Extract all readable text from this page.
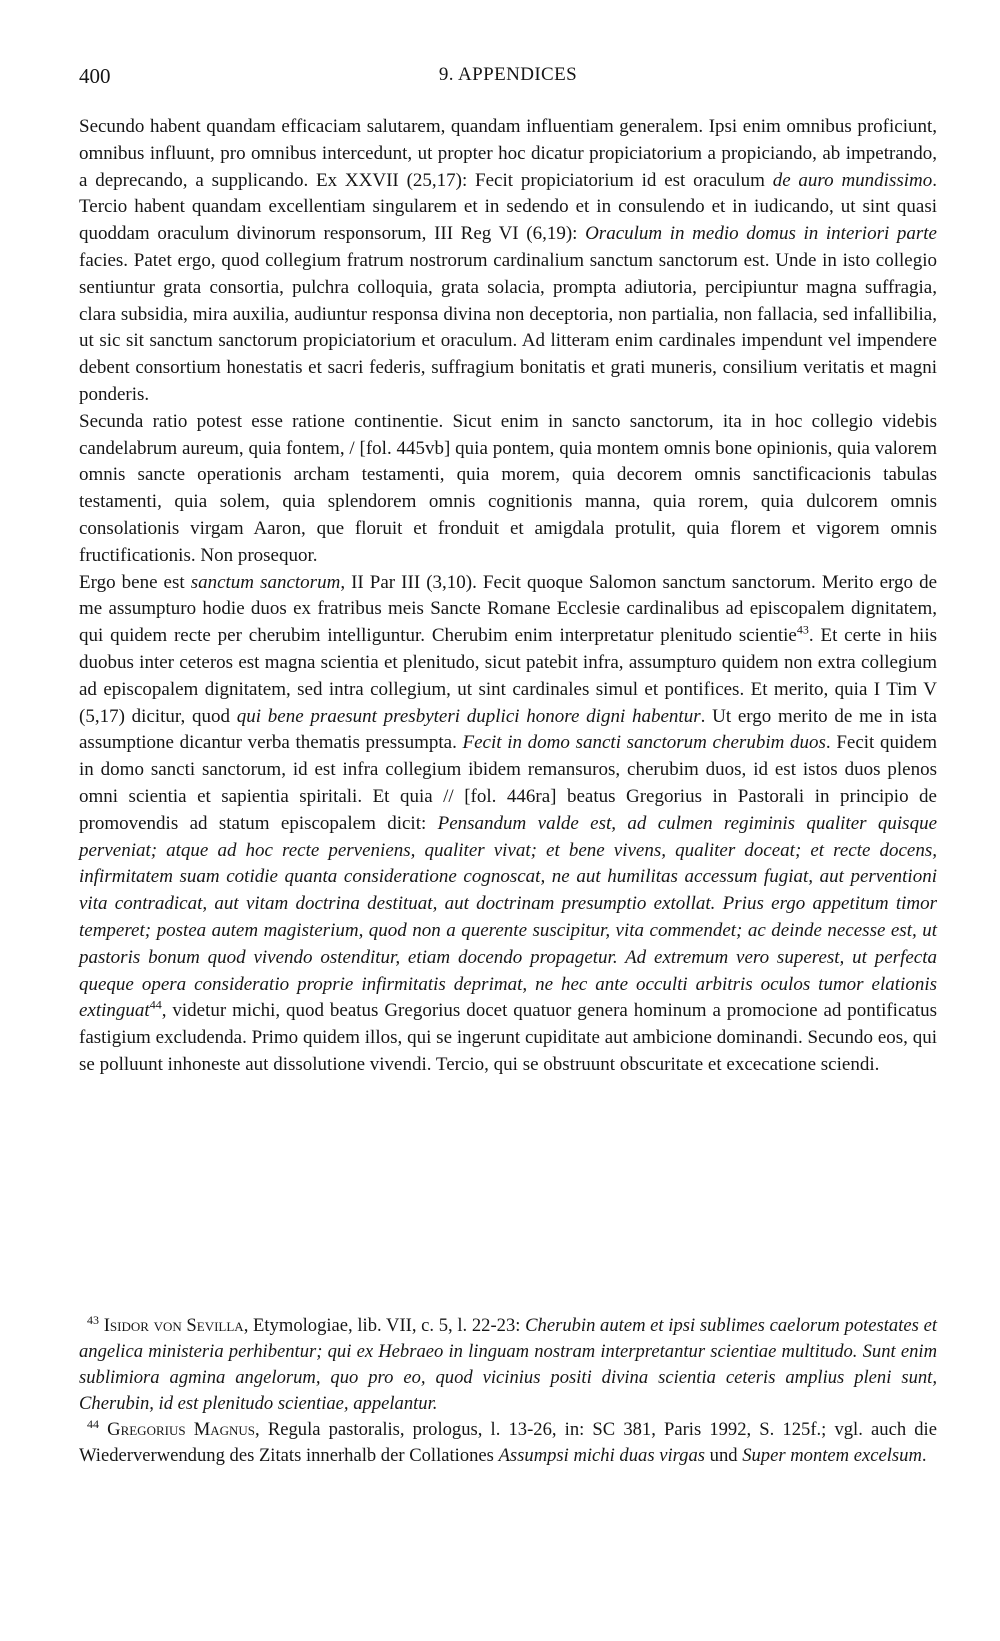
400	9. APPENDICES

Secundo habent quandam efficaciam salutarem, quandam influentiam generalem. Ipsi enim omnibus proficiunt, omnibus influunt, pro omnibus intercedunt, ut propter hoc dicatur propiciatorium a propiciando, ab impetrando, a deprecando, a supplicando. Ex XXVII (25,17): Fecit propiciatorium id est oraculum de auro mundissimo. Tercio habent quandam excellentiam singularem et in sedendo et in consulendo et in iudicando, ut sint quasi quoddam oraculum divinorum responsorum, III Reg VI (6,19): Oraculum in medio domus in interiori parte facies. Patet ergo, quod collegium fratrum nostrorum cardinalium sanctum sanctorum est. Unde in isto collegio sentiuntur grata consortia, pulchra colloquia, grata solacia, prompta adiutoria, percipiuntur magna suffragia, clara subsidia, mira auxilia, audiuntur responsa divina non deceptoria, non partialia, non fallacia, sed infallibilia, ut sic sit sanctum sanctorum propiciatorium et oraculum. Ad litteram enim cardinales impendunt vel impendere debent consortium honestatis et sacri federis, suffragium bonitatis et grati muneris, consilium veritatis et magni ponderis.

Secunda ratio potest esse ratione continentie. Sicut enim in sancto sanctorum, ita in hoc collegio videbis candelabrum aureum, quia fontem, / [fol. 445vb] quia pontem, quia montem omnis bone opinionis, quia valorem omnis sancte operationis archam testamenti, quia morem, quia decorem omnis sanctificacionis tabulas testamenti, quia solem, quia splendorem omnis cognitionis manna, quia rorem, quia dulcorem omnis consolationis virgam Aaron, que floruit et fronduit et amigdala protulit, quia florem et vigorem omnis fructificationis. Non prosequor.

Ergo bene est sanctum sanctorum, II Par III (3,10). Fecit quoque Salomon sanctum sanctorum. Merito ergo de me assumpturo hodie duos ex fratribus meis Sancte Romane Ecclesie cardinalibus ad episcopalem dignitatem, qui quidem recte per cherubim intelliguntur. Cherubim enim interpretatur plenitudo scientie$^{43}$. Et certe in hiis duobus inter ceteros est magna scientia et plenitudo, sicut patebit infra, assumpturo quidem non extra collegium ad episcopalem dignitatem, sed intra collegium, ut sint cardinales simul et pontifices. Et merito, quia I Tim V (5,17) dicitur, quod qui bene praesunt presbyteri duplici honore digni habentur. Ut ergo merito de me in ista assumptione dicantur verba thematis pressumpta. Fecit in domo sancti sanctorum cherubim duos. Fecit quidem in domo sancti sanctorum, id est infra collegium ibidem remansuros, cherubim duos, id est istos duos plenos omni scientia et sapientia spiritali. Et quia // [fol. 446ra] beatus Gregorius in Pastorali in principio de promovendis ad statum episcopalem dicit: Pensandum valde est, ad culmen regiminis qualiter quisque perveniat; atque ad hoc recte perveniens, qualiter vivat; et bene vivens, qualiter doceat; et recte docens, infirmitatem suam cotidie quanta consideratione cognoscat, ne aut humilitas accessum fugiat, aut perventioni vita contradicat, aut vitam doctrina destituat, aut doctrinam presumptio extollat. Prius ergo appetitum timor temperet; postea autem magisterium, quod non a querente suscipitur, vita commendet; ac deinde necesse est, ut pastoris bonum quod vivendo ostenditur, etiam docendo propagetur. Ad extremum vero superest, ut perfecta queque opera consideratio proprie infirmitatis deprimat, ne hec ante occulti arbitris oculos tumor elationis extinguat$^{44}$, videtur michi, quod beatus Gregorius docet quatuor genera hominum a promocione ad pontificatus fastigium excludenda. Primo quidem illos, qui se ingerunt cupiditate aut ambicione dominandi. Secundo eos, qui se polluunt inhoneste aut dissolutione vivendi. Tercio, qui se obstruunt obscuritate et excecatione sciendi.

$^{43}$ Isidor von Sevilla, Etymologiae, lib. VII, c. 5, l. 22-23: Cherubin autem et ipsi sublimes caelorum potestates et angelica ministeria perhibentur; qui ex Hebraeo in linguam nostram interpretantur scientiae multitudo. Sunt enim sublimiora agmina angelorum, quo pro eo, quod vicinius positi divina scientia ceteris amplius pleni sunt, Cherubin, id est plenitudo scientiae, appelantur.

$^{44}$ Gregorius Magnus, Regula pastoralis, prologus, l. 13-26, in: SC 381, Paris 1992, S. 125f.; vgl. auch die Wiederverwendung des Zitats innerhalb der Collationes Assumpsi michi duas virgas und Super montem excelsum.
